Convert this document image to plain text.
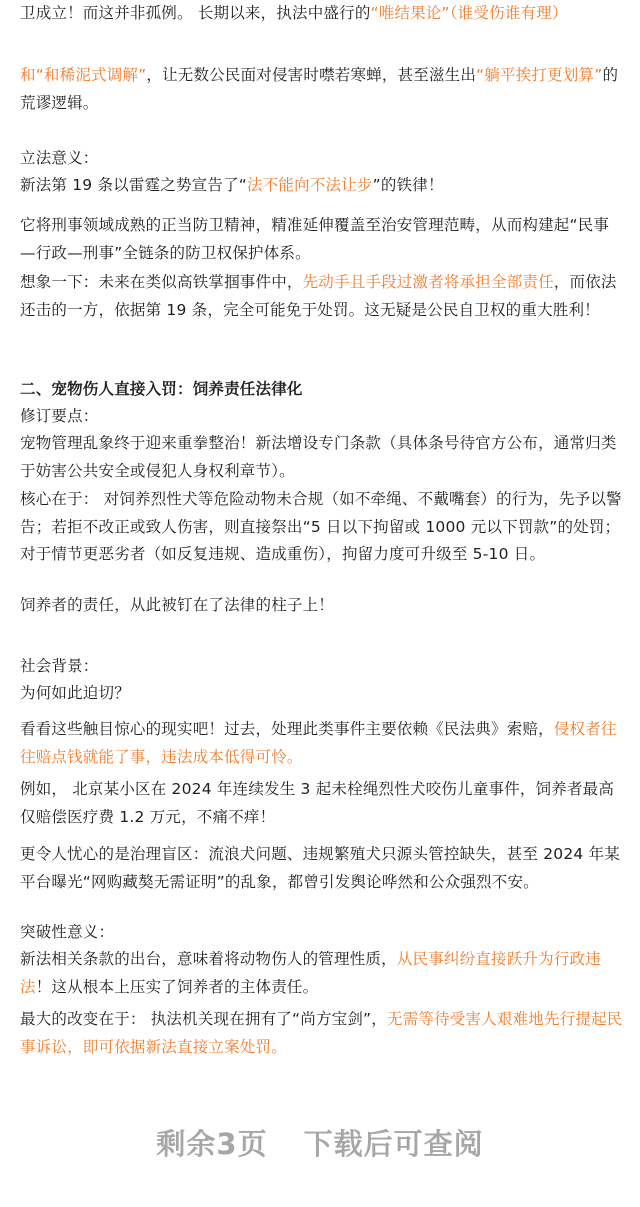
卫成立！而这并非孤例。 长期以来，执法中盛行的“唯结果论”（谁受伤谁有理）

和“和稀泥式调解”，让无数公民面对侵害时噤若寒蝉，甚至滋生出“躺平挨打更划算”的荒谬逻辑。

立法意义：

新法第 19 条以雷霆之势宣告了“法不能向不法让步”的铁律！

它将刑事领域成熟的正当防卫精神，精准延伸覆盖至治安管理范畴，从而构建起“民事—行政—刑事”全链条的防卫权保护体系。

想象一下：未来在类似高铁掌掴事件中，先动手且手段过激者将承担全部责任，而依法还击的一方，依据第 19 条，完全可能免于处罚。这无疑是公民自卫权的重大胜利！

二、宠物伤人直接入罚：饲养责任法律化

修订要点：

宠物管理乱象终于迎来重拳整治！新法增设专门条款（具体条号待官方公布，通常归类于妨害公共安全或侵犯人身权利章节）。

核心在于： 对饲养烈性犬等危险动物未合规（如不牵绳、不戴嘴套）的行为，先予以警告；若拒不改正或致人伤害，则直接祭出“5 日以下拘留或 1000 元以下罚款”的处罚；对于情节更恶劣者（如反复违规、造成重伤），拘留力度可升级至 5-10 日。

饲养者的责任，从此被钉在了法律的柱子上！

社会背景：

为何如此迫切？

看看这些触目惊心的现实吧！过去，处理此类事件主要依赖《民法典》索赔，侵权者往往赔点钱就能了事，违法成本低得可怜。

例如， 北京某小区在 2024 年连续发生 3 起未栓绳烈性犬咬伤儿童事件，饲养者最高仅赔偿医疗费 1.2 万元，不痛不痒！

更令人忧心的是治理盲区：流浪犬问题、违规繁殖犬只源头管控缺失，甚至 2024 年某平台曝光“网购藏獒无需证明”的乱象，都曾引发舆论哗然和公众强烈不安。

突破性意义：

新法相关条款的出台，意味着将动物伤人的管理性质，从民事纠纷直接跃升为行政违法！这从根本上压实了饲养者的主体责任。

最大的改变在于： 执法机关现在拥有了“尚方宝剑”，无需等待受害人艰难地先行提起民事诉讼，即可依据新法直接立案处罚。

剩余3页 下载后可查阅
